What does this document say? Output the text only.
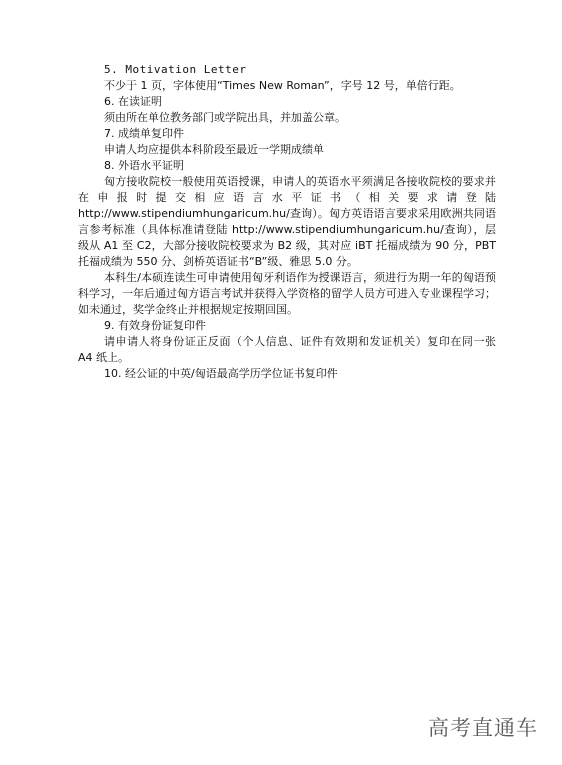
5. Motivation Letter

不少于 1 页，字体使用“Times New Roman”，字号 12 号，单倍行距。

6. 在读证明

须由所在单位教务部门或学院出具，并加盖公章。

7. 成绩单复印件

申请人均应提供本科阶段至最近一学期成绩单

8. 外语水平证明

匈方接收院校一般使用英语授课，申请人的英语水平须满足各接收院校的要求并在申报时提交相应语言水平证书（相关要求请登陆 http://www.stipendiumhungaricum.hu/查询）。匈方英语语言要求采用欧洲共同语言参考标准（具体标准请登陆 http://www.stipendiumhungaricum.hu/查询），层级从 A1 至 C2，大部分接收院校要求为 B2 级，其对应 iBT 托福成绩为 90 分，PBT 托福成绩为 550 分、剑桥英语证书“B”级、雅思 5.0 分。

本科生/本硕连读生可申请使用匈牙利语作为授课语言，须进行为期一年的匈语预科学习，一年后通过匈方语言考试并获得入学资格的留学人员方可进入专业课程学习；如未通过，奖学金终止并根据规定按期回国。

9. 有效身份证复印件

请申请人将身份证正反面（个人信息、证件有效期和发证机关）复印在同一张 A4 纸上。

10. 经公证的中英/匈语最高学历学位证书复印件

高考直通车
